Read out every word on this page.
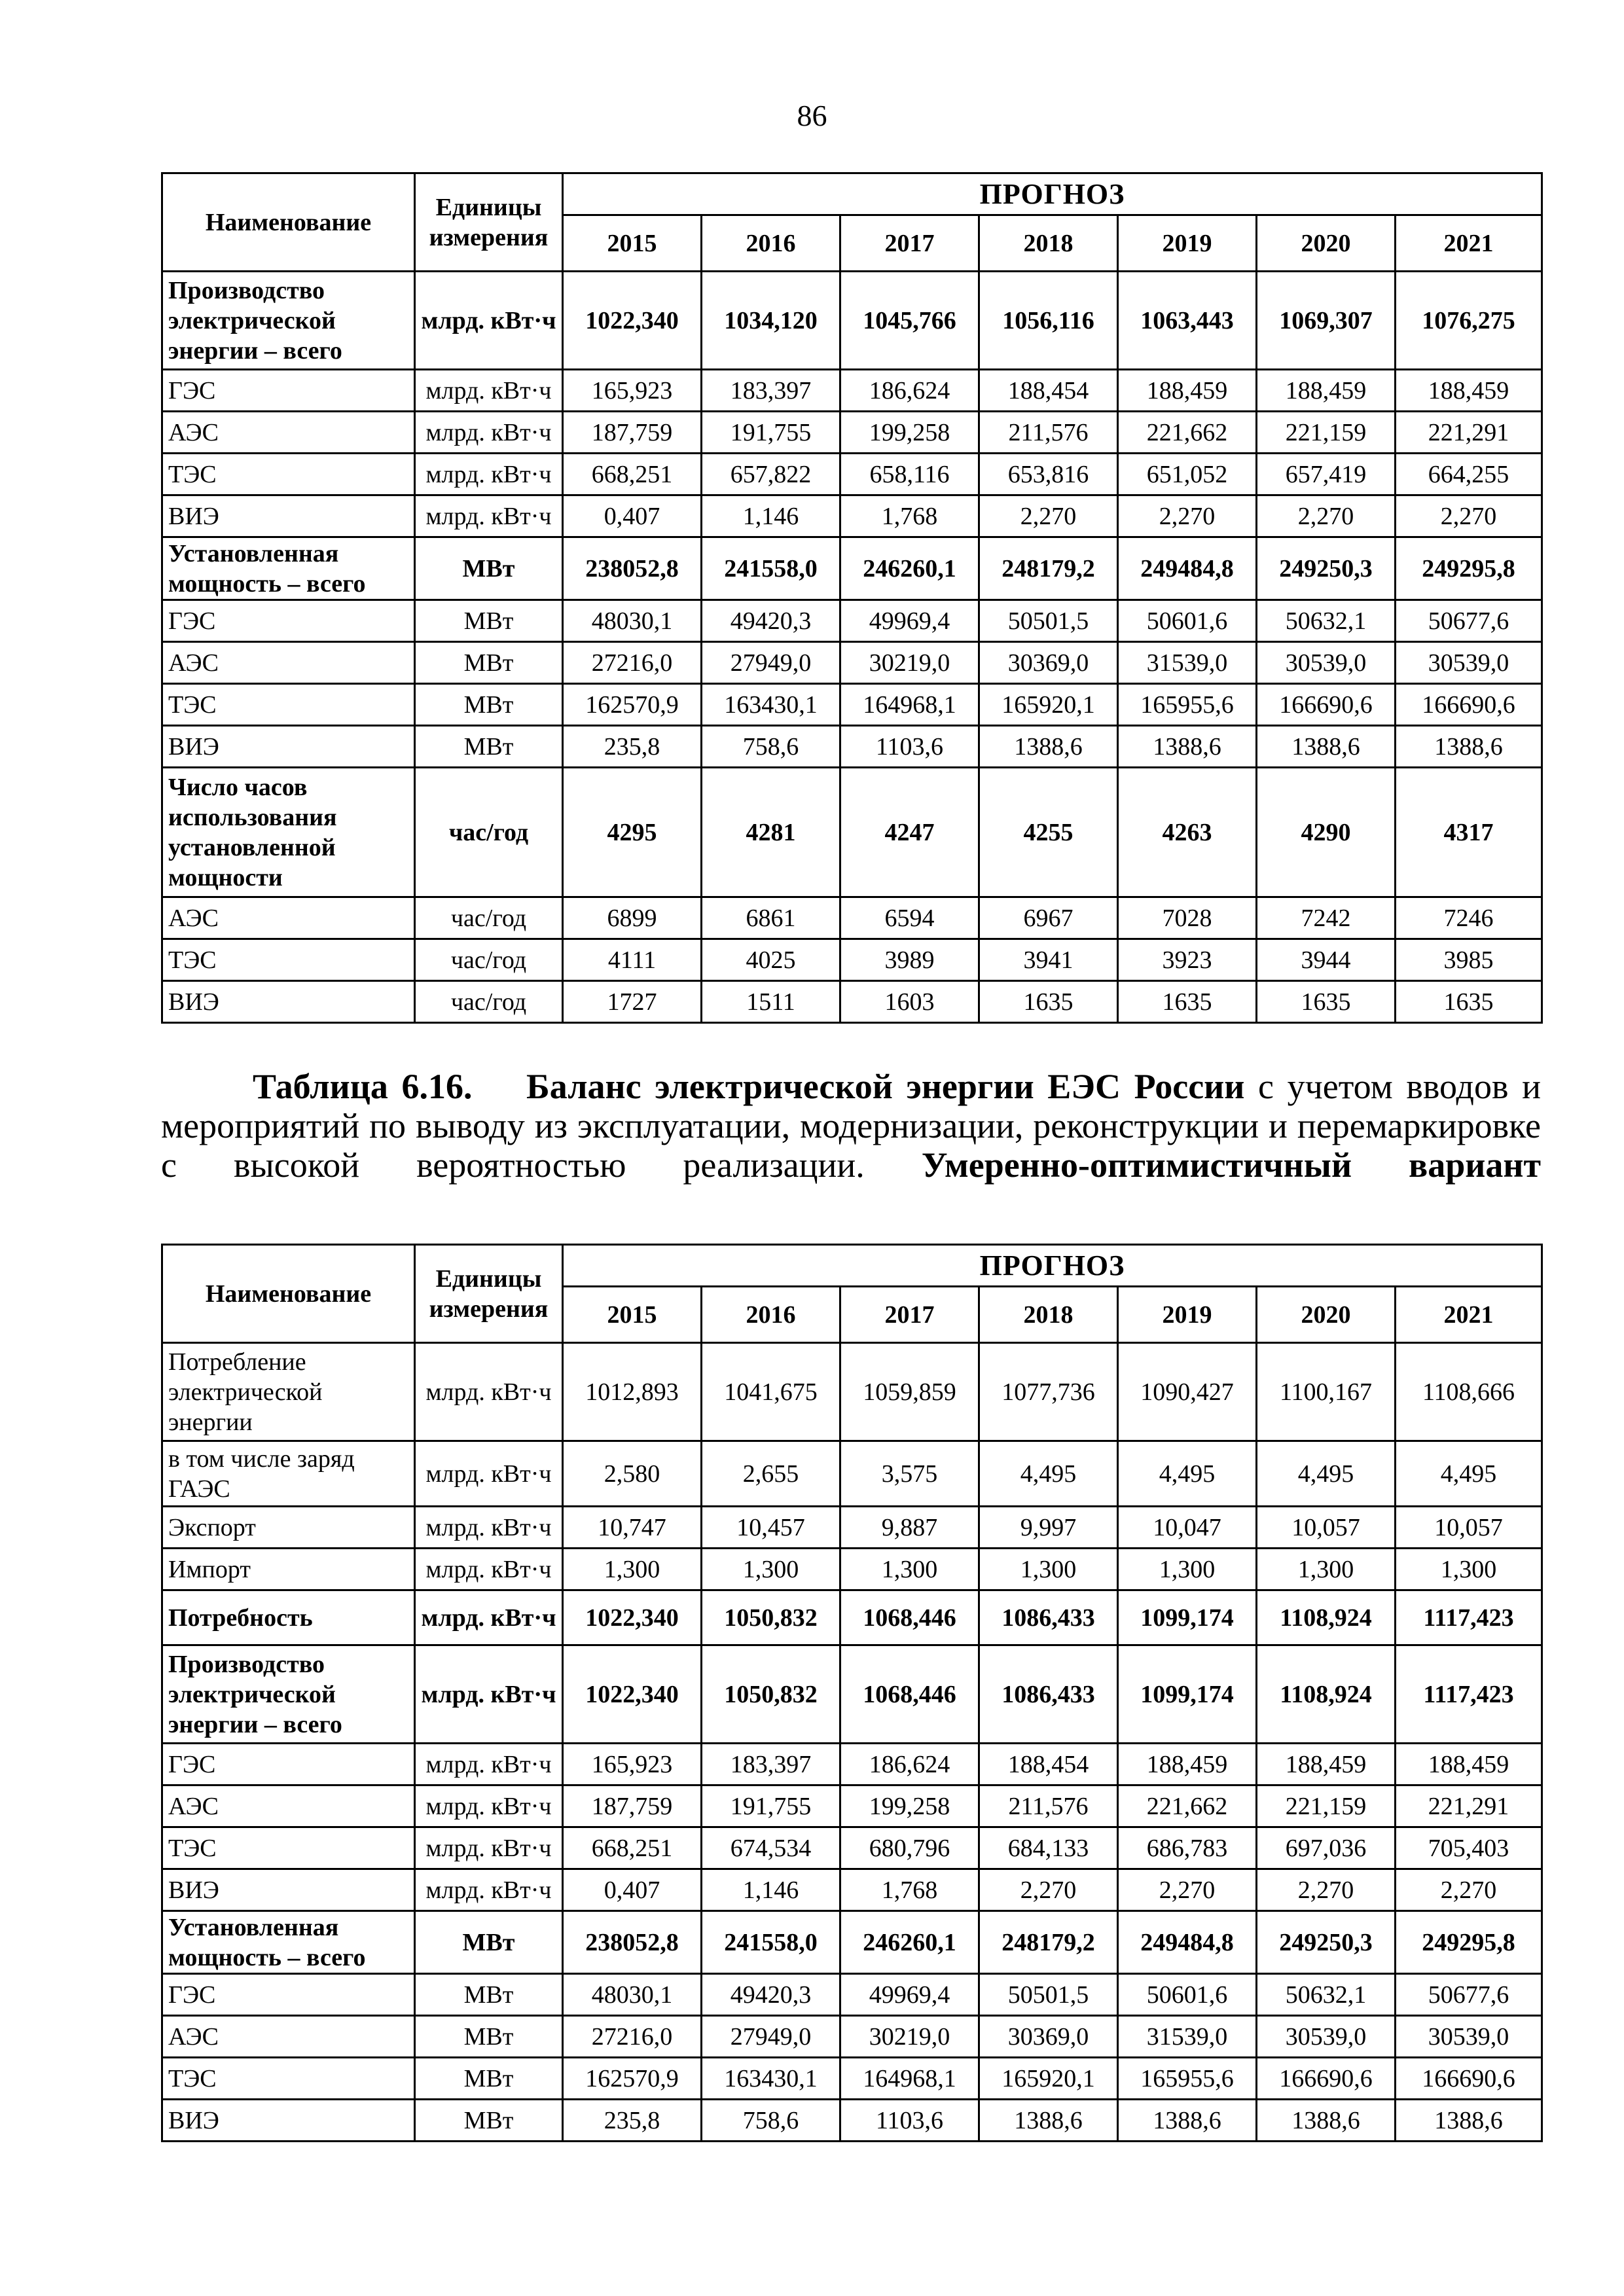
86
Наименование	Единицы измерения	ПРОГНОЗ						
		2015	2016	2017	2018	2019	2020	2021
Производство электрической энергии – всего	млрд. кВт·ч	1022,340	1034,120	1045,766	1056,116	1063,443	1069,307	1076,275
ГЭС	млрд. кВт·ч	165,923	183,397	186,624	188,454	188,459	188,459	188,459
АЭС	млрд. кВт·ч	187,759	191,755	199,258	211,576	221,662	221,159	221,291
ТЭС	млрд. кВт·ч	668,251	657,822	658,116	653,816	651,052	657,419	664,255
ВИЭ	млрд. кВт·ч	0,407	1,146	1,768	2,270	2,270	2,270	2,270
Установленная мощность – всего	МВт	238052,8	241558,0	246260,1	248179,2	249484,8	249250,3	249295,8
ГЭС	МВт	48030,1	49420,3	49969,4	50501,5	50601,6	50632,1	50677,6
АЭС	МВт	27216,0	27949,0	30219,0	30369,0	31539,0	30539,0	30539,0
ТЭС	МВт	162570,9	163430,1	164968,1	165920,1	165955,6	166690,6	166690,6
ВИЭ	МВт	235,8	758,6	1103,6	1388,6	1388,6	1388,6	1388,6
Число часов использования установленной мощности	час/год	4295	4281	4247	4255	4263	4290	4317
АЭС	час/год	6899	6861	6594	6967	7028	7242	7246
ТЭС	час/год	4111	4025	3989	3941	3923	3944	3985
ВИЭ	час/год	1727	1511	1603	1635	1635	1635	1635

Таблица 6.16. Баланс электрической энергии ЕЭС России с учетом вводов и мероприятий по выводу из эксплуатации, модернизации, реконструкции и перемаркировке с высокой вероятностью реализации. Умеренно-оптимистичный вариант

Наименование	Единицы измерения	ПРОГНОЗ						
		2015	2016	2017	2018	2019	2020	2021
Потребление электрической энергии	млрд. кВт·ч	1012,893	1041,675	1059,859	1077,736	1090,427	1100,167	1108,666
в том числе заряд ГАЭС	млрд. кВт·ч	2,580	2,655	3,575	4,495	4,495	4,495	4,495
Экспорт	млрд. кВт·ч	10,747	10,457	9,887	9,997	10,047	10,057	10,057
Импорт	млрд. кВт·ч	1,300	1,300	1,300	1,300	1,300	1,300	1,300
Потребность	млрд. кВт·ч	1022,340	1050,832	1068,446	1086,433	1099,174	1108,924	1117,423
Производство электрической энергии – всего	млрд. кВт·ч	1022,340	1050,832	1068,446	1086,433	1099,174	1108,924	1117,423
ГЭС	млрд. кВт·ч	165,923	183,397	186,624	188,454	188,459	188,459	188,459
АЭС	млрд. кВт·ч	187,759	191,755	199,258	211,576	221,662	221,159	221,291
ТЭС	млрд. кВт·ч	668,251	674,534	680,796	684,133	686,783	697,036	705,403
ВИЭ	млрд. кВт·ч	0,407	1,146	1,768	2,270	2,270	2,270	2,270
Установленная мощность – всего	МВт	238052,8	241558,0	246260,1	248179,2	249484,8	249250,3	249295,8
ГЭС	МВт	48030,1	49420,3	49969,4	50501,5	50601,6	50632,1	50677,6
АЭС	МВт	27216,0	27949,0	30219,0	30369,0	31539,0	30539,0	30539,0
ТЭС	МВт	162570,9	163430,1	164968,1	165920,1	165955,6	166690,6	166690,6
ВИЭ	МВт	235,8	758,6	1103,6	1388,6	1388,6	1388,6	1388,6
